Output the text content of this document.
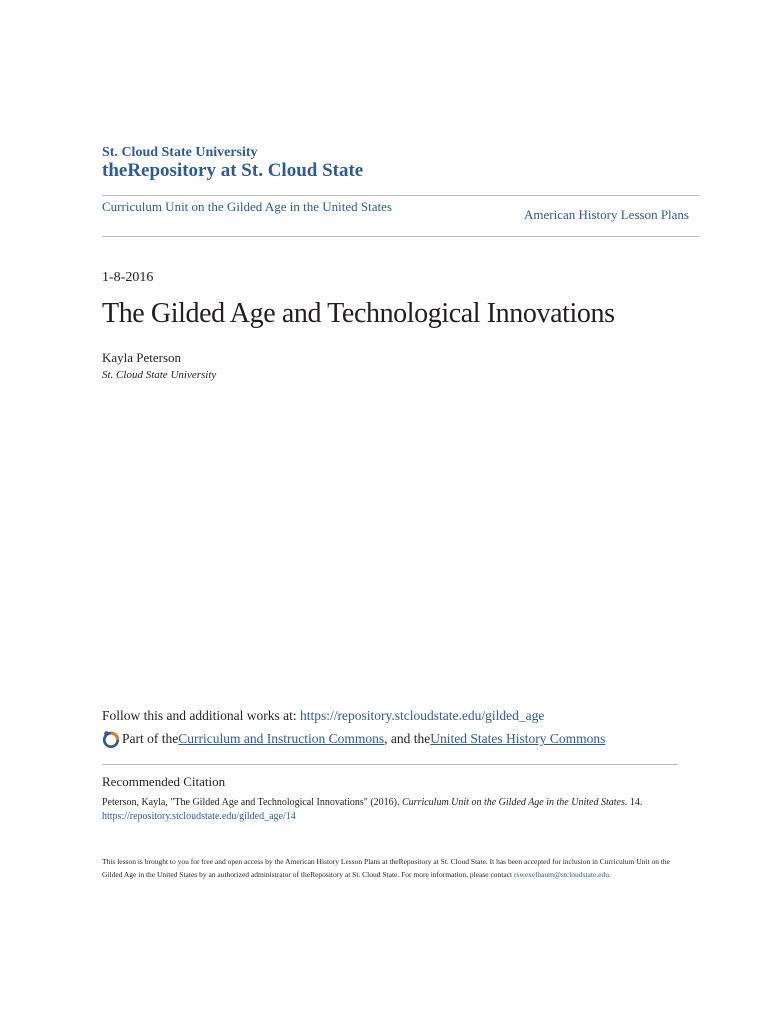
St. Cloud State University
theRepository at St. Cloud State
Curriculum Unit on the Gilded Age in the United States
American History Lesson Plans
1-8-2016
The Gilded Age and Technological Innovations
Kayla Peterson
St. Cloud State University
Follow this and additional works at: https://repository.stcloudstate.edu/gilded_age
Part of the Curriculum and Instruction Commons , and the United States History Commons
Recommended Citation
Peterson, Kayla, "The Gilded Age and Technological Innovations" (2016). Curriculum Unit on the Gilded Age in the United States. 14.
https://repository.stcloudstate.edu/gilded_age/14
This lesson is brought to you for free and open access by the American History Lesson Plans at theRepository at St. Cloud State. It has been accepted for inclusion in Curriculum Unit on the Gilded Age in the United States by an authorized administrator of theRepository at St. Cloud State. For more information, please contact rswexelbaum@stcloudstate.edu.
